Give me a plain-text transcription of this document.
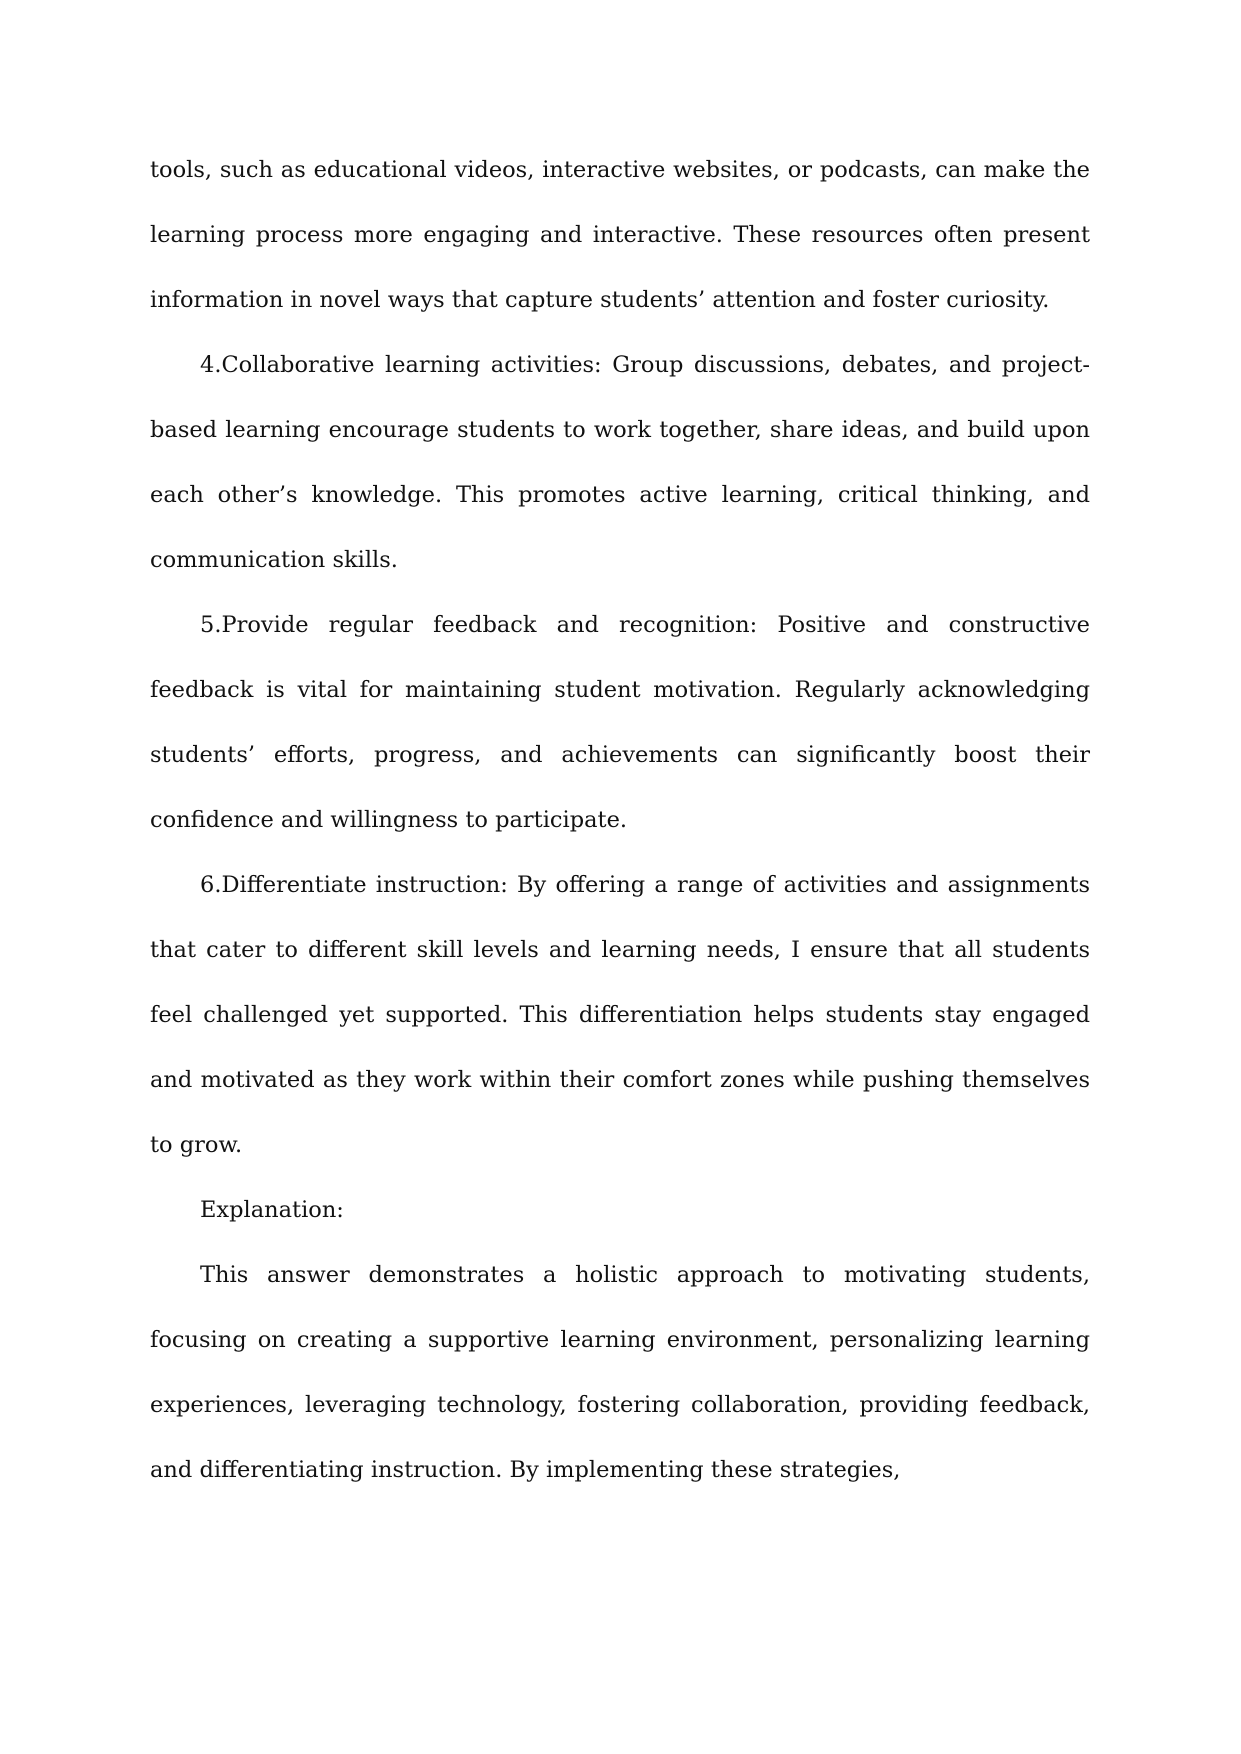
tools, such as educational videos, interactive websites, or podcasts, can make the learning process more engaging and interactive. These resources often present information in novel ways that capture students’ attention and foster curiosity.

4.Collaborative learning activities: Group discussions, debates, and project-based learning encourage students to work together, share ideas, and build upon each other’s knowledge. This promotes active learning, critical thinking, and communication skills.

5.Provide regular feedback and recognition: Positive and constructive feedback is vital for maintaining student motivation. Regularly acknowledging students’ efforts, progress, and achievements can significantly boost their confidence and willingness to participate.

6.Differentiate instruction: By offering a range of activities and assignments that cater to different skill levels and learning needs, I ensure that all students feel challenged yet supported. This differentiation helps students stay engaged and motivated as they work within their comfort zones while pushing themselves to grow.

Explanation:

This answer demonstrates a holistic approach to motivating students, focusing on creating a supportive learning environment, personalizing learning experiences, leveraging technology, fostering collaboration, providing feedback, and differentiating instruction. By implementing these strategies,
